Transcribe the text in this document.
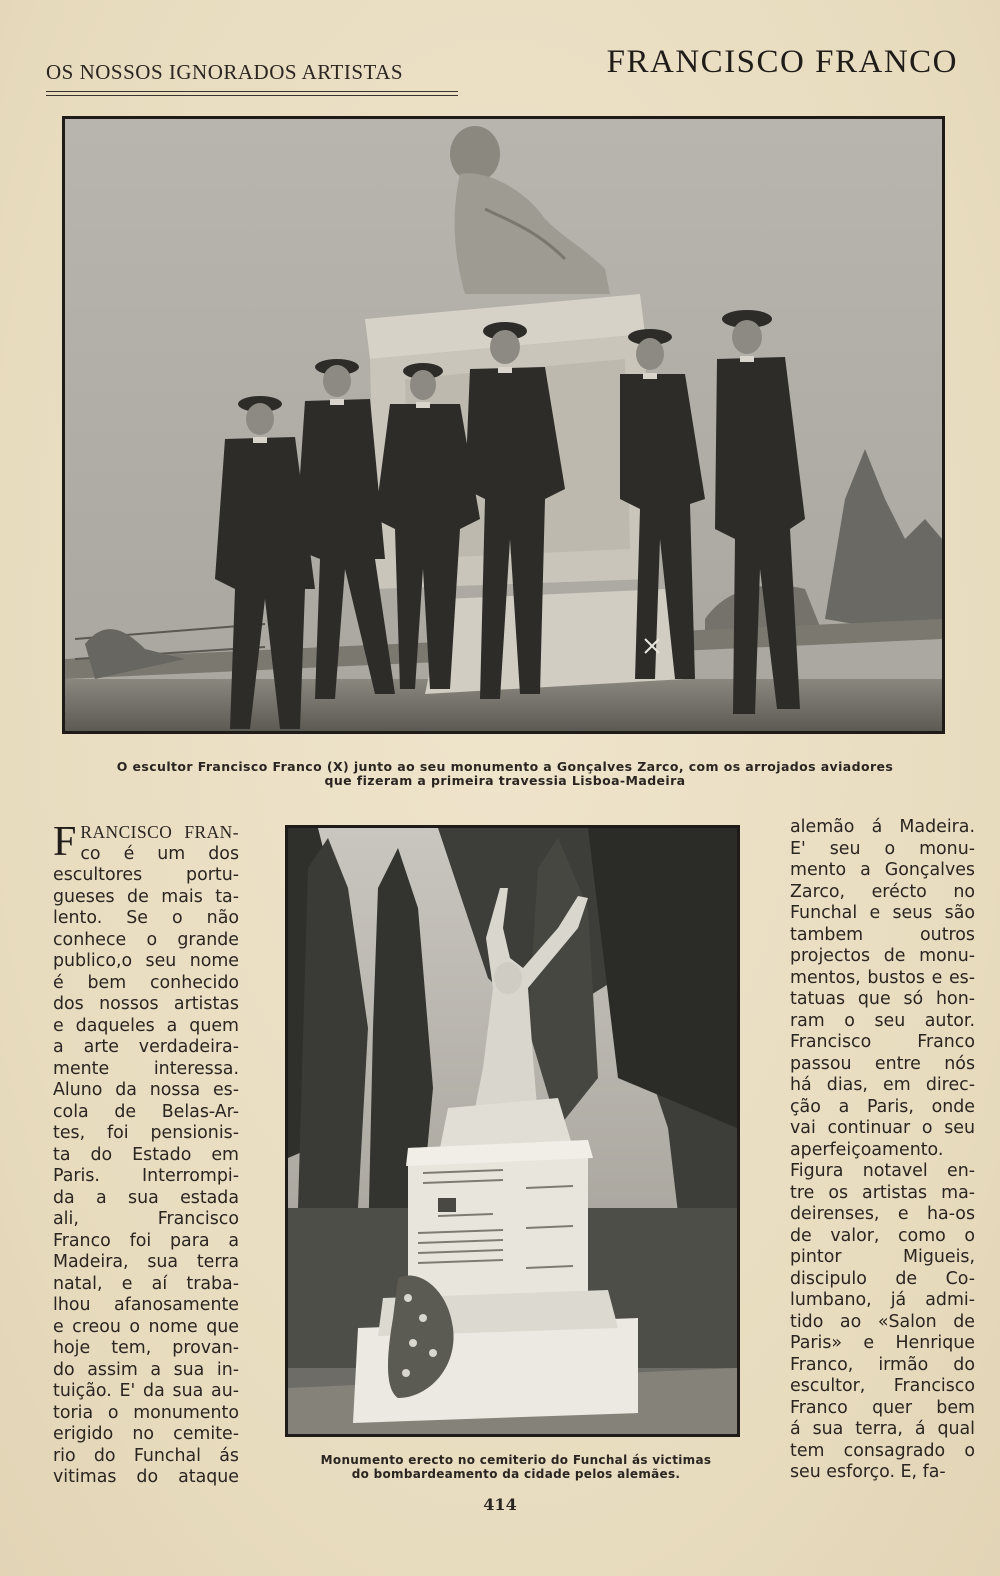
OS NOSSOS IGNORADOS ARTISTAS	FRANCISCO FRANCO
O escultor Francisco Franco (X) junto ao seu monumento a Gonçalves Zarco, com os arrojados aviadores
que fizeram a primeira travessia Lisboa-Madeira
F RANCISCO FRAN-
co é um dos
escultores portu-
gueses de mais ta-
lento. Se o não
conhece o grande
publico,o seu nome
é bem conhecido
dos nossos artistas
e daqueles a quem
a arte verdadeira-
mente interessa.
Aluno da nossa es-
cola de Belas-Ar-
tes, foi pensionis-
ta do Estado em
Paris. Interrompi-
da a sua estada
ali, Francisco
Franco foi para a
Madeira, sua terra
natal, e aí traba-
lhou afanosamente
e creou o nome que
hoje tem, provan-
do assim a sua in-
tuição. E' da sua au-
toria o monumento
erigido no cemite-
rio do Funchal ás
vitimas do ataque
Monumento erecto no cemiterio do Funchal ás victimas
do bombardeamento da cidade pelos alemães.
alemão á Madeira.
E' seu o monu-
mento a Gonçalves
Zarco, erécto no
Funchal e seus são
tambem outros
projectos de monu-
mentos, bustos e es-
tatuas que só hon-
ram o seu autor.
Francisco Franco
passou entre nós
há dias, em direc-
ção a Paris, onde
vai continuar o seu
aperfeiçoamento.
Figura notavel en-
tre os artistas ma-
deirenses, e ha-os
de valor, como o
pintor Migueis,
discipulo de Co-
lumbano, já admi-
tido ao «Salon de
Paris» e Henrique
Franco, irmão do
escultor, Francisco
Franco quer bem
á sua terra, á qual
tem consagrado o
seu esforço. E, fa-
414
